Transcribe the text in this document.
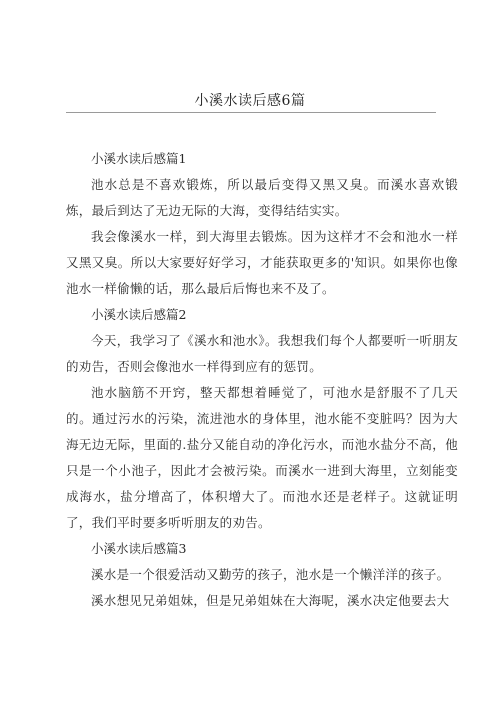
小溪水读后感6篇

小溪水读后感篇1

池水总是不喜欢锻炼，所以最后变得又黑又臭。而溪水喜欢锻炼，最后到达了无边无际的大海，变得结结实实。

我会像溪水一样，到大海里去锻炼。因为这样才不会和池水一样又黑又臭。所以大家要好好学习，才能获取更多的'知识。如果你也像池水一样偷懒的话，那么最后后悔也来不及了。

小溪水读后感篇2

今天，我学习了《溪水和池水》。我想我们每个人都要听一听朋友的劝告，否则会像池水一样得到应有的惩罚。

池水脑筋不开窍，整天都想着睡觉了，可池水是舒服不了几天的。通过污水的污染，流进池水的身体里，池水能不变脏吗？因为大海无边无际，里面的.盐分又能自动的净化污水，而池水盐分不高，他只是一个小池子，因此才会被污染。而溪水一进到大海里，立刻能变成海水，盐分增高了，体积增大了。而池水还是老样子。这就证明了，我们平时要多听听朋友的劝告。

小溪水读后感篇3

溪水是一个很爱活动又勤劳的孩子，池水是一个懒洋洋的孩子。

溪水想见兄弟姐妹，但是兄弟姐妹在大海呢，溪水决定他要去大
